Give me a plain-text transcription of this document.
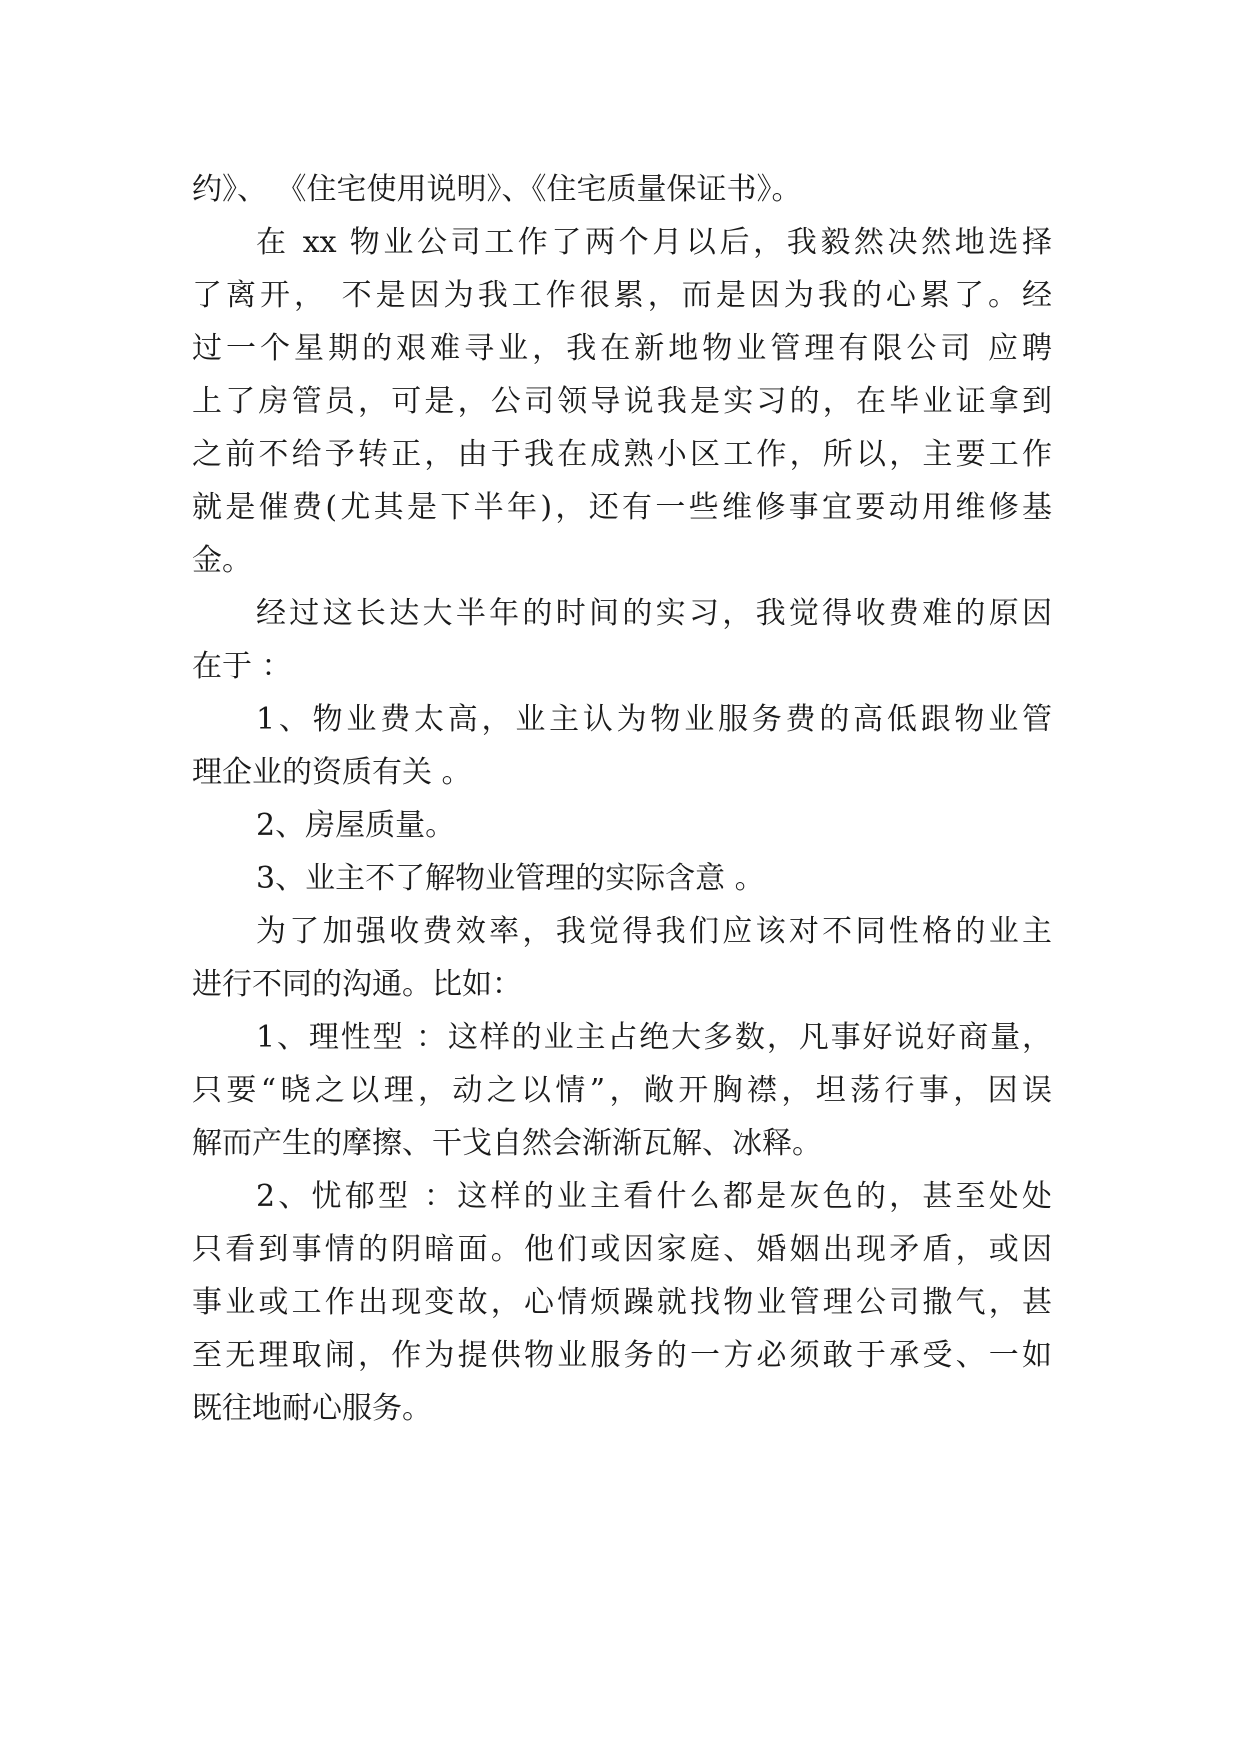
约》、 《住宅使用说明》、《住宅质量保证书》。
在 xx 物业公司工作了两个月以后，我毅然决然地选择
了离开， 不是因为我工作很累，而是因为我的心累了。经
过一个星期的艰难寻业，我在新地物业管理有限公司 应聘
上了房管员，可是，公司领导说我是实习的，在毕业证拿到
之前不给予转正，由于我在成熟小区工作，所以，主要工作
就是催费(尤其是下半年)，还有一些维修事宜要动用维修基
金。
经过这长达大半年的时间的实习，我觉得收费难的原因
在于 ：
1、物业费太高，业主认为物业服务费的高低跟物业管
理企业的资质有关 。
2、房屋质量。
3、业主不了解物业管理的实际含意 。
为了加强收费效率，我觉得我们应该对不同性格的业主
进行不同的沟通。比如：
1、理性型 ：这样的业主占绝大多数，凡事好说好商量，
只要“晓之以理，动之以情”，敞开胸襟，坦荡行事，因误
解而产生的摩擦、干戈自然会渐渐瓦解、冰释。
2、忧郁型 ：这样的业主看什么都是灰色的，甚至处处
只看到事情的阴暗面。他们或因家庭、婚姻出现矛盾，或因
事业或工作出现变故，心情烦躁就找物业管理公司撒气，甚
至无理取闹，作为提供物业服务的一方必须敢于承受、一如
既往地耐心服务。
